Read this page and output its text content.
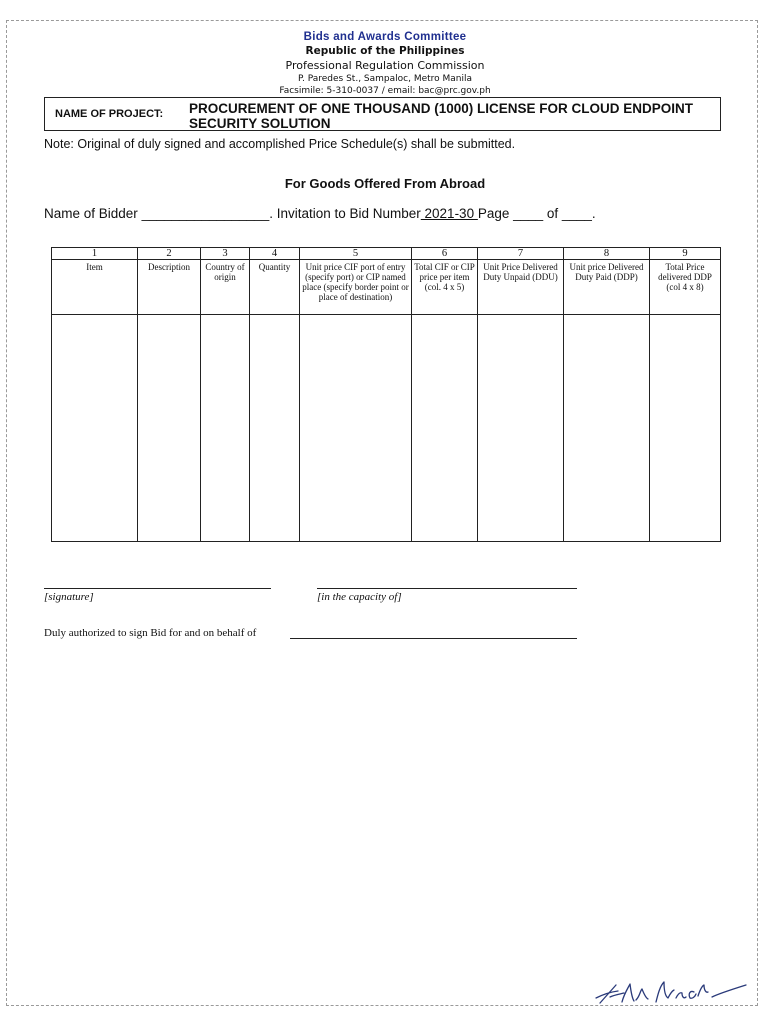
Bids and Awards Committee
Republic of the Philippines
Professional Regulation Commission
P. Paredes St., Sampaloc, Metro Manila
Facsimile: 5-310-0037 / email: bac@prc.gov.ph
NAME OF PROJECT: PROCUREMENT OF ONE THOUSAND (1000) LICENSE FOR CLOUD ENDPOINT SECURITY SOLUTION
Note: Original of duly signed and accomplished Price Schedule(s) shall be submitted.
For Goods Offered From Abroad
Name of Bidder _________________. Invitation to Bid Number 2021-30 Page ____ of ____.
1	2	3	4	5	6	7	8	9
Item	Description	Country of origin	Quantity	Unit price CIF port of entry (specify port) or CIP named place (specify border point or place of destination)	Total CIF or CIP price per item (col. 4 x 5)	Unit Price Delivered Duty Unpaid (DDU)	Unit price Delivered Duty Paid (DDP)	Total Price delivered DDP (col 4 x 8)

[signature]	[in the capacity of]
Duly authorized to sign Bid for and on behalf of
